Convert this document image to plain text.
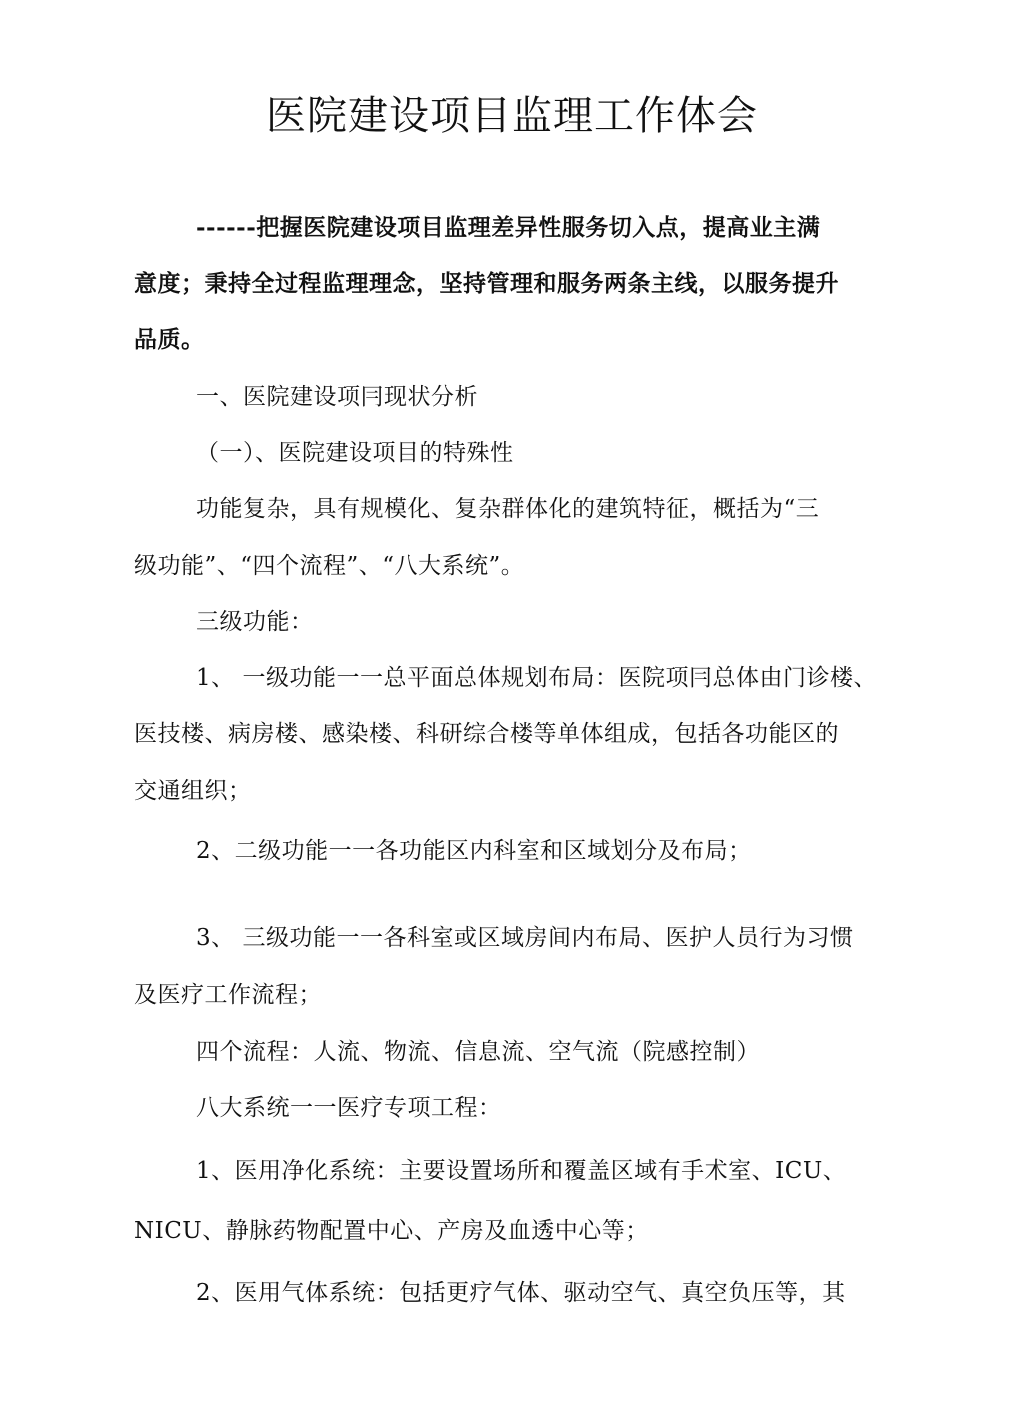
医院建设项目监理工作体会
------把握医院建设项目监理差异性服务切入点，提高业主满
意度；秉持全过程监理理念，坚持管理和服务两条主线，以服务提升
品质。
一、医院建设项冃现状分析
（一）、医院建设项目的特殊性
功能复杂，具有规模化、复杂群体化的建筑特征，概括为“三
级功能”、“四个流程”、“八大系统”。
三级功能：
1、 一级功能一一总平面总体规划布局：医院项冃总体由门诊楼、
医技楼、病房楼、感染楼、科研综合楼等单体组成，包括各功能区的
交通组织；
2、二级功能一一各功能区内科室和区域划分及布局；
3、 三级功能一一各科室或区域房间内布局、医护人员行为习惯
及医疗工作流程；
四个流程：人流、物流、信息流、空气流（院感控制）
八大系统一一医疗专项工程：
1、医用净化系统：主要设置场所和覆盖区域有手术室、ICU、
NICU、静脉药物配置中心、产房及血透中心等；
2、医用气体系统：包括更疗气体、驱动空气、真空负压等，其
